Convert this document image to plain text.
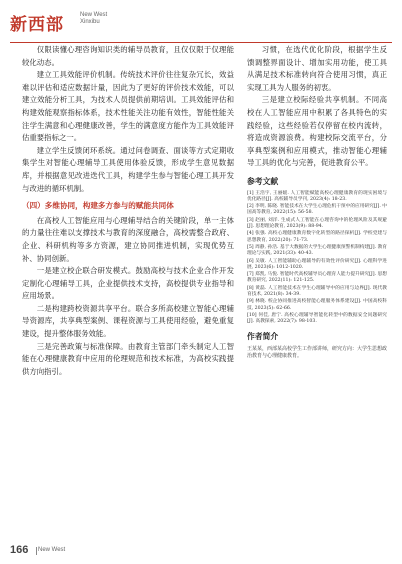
新西部	New West
Xinxibu

仅限读懂心理咨询知识类的辅导员教育，且仅仅限于仅理能较化动态。

建立工具效能评价机制。传统技术评价往往复杂冗长，效益难以评估和适应数据计量，因此为了更好的评价技术效能，可以建立效能分析工具，为技术人员提供前期培训。工具效能评估和构建效能观察指标体系，技术性能关注功能有效性，智能性能关注学生满意和心理健康改善，学生的满意度方能作为工具效能评估重要指标之一。

建立学生反馈闭环系统。通过问卷调查、面谈等方式定期收集学生对智能心理辅导工具使用体验反馈，形成学生意见数据库，并根据意见改进迭代工具，构建学生参与智能心理工具开发与改进的循环机制。

（四）多维协同，构建多方参与的赋能共同体

在高校人工智能应用与心理辅导结合的关键阶段，单一主体的力量往往难以支撑技术与教育的深度融合，高校需整合政府、企业、科研机构等多方资源，建立协同推进机制，实现优势互补、协同创新。

一是建立校企联合研发模式。鼓励高校与技术企业合作开发定制化心理辅导工具，企业提供技术支持，高校提供专业指导和应用场景。

二是构建跨校资源共享平台。联合多所高校建立智能心理辅导资源库，共享典型案例、课程资源与工具使用经验，避免重复建设，提升整体服务效能。

三是完善政策与标准保障。由教育主管部门牵头制定人工智能在心理健康教育中应用的伦理规范和技术标准，为高校实践提供方向指引。

习惯，在选代优化阶段，根据学生反馈调整界面设计、增加实用功能，使工具从满足技术标准转向符合使用习惯，真正实现工具为人服务的初衷。

三是建立校际经验共享机制。不同高校在人工智能应用中积累了各具特色的实践经验，这些经验若仅停留在校内流转，将造成资源浪费。构建校际交流平台，分享典型案例和应用模式，推动智能心理辅导工具的优化与完善，促进教育公平。

参考文献
[1] 王浩宇, 王丽媛. 人工智能赋能高校心理健康教育的现实困境与优化路径[J]. 高校辅导员学刊, 2023(4): 18-23.
[2] 李明, 陈晓. 智能技术在大学生心理危机干预中的应用研究[J]. 中国高等教育, 2022(15): 56-58.
[3] 赵丽, 刘洋. 生成式人工智能在心理咨询中的伦理风险及其规避[J]. 思想理论教育, 2023(9): 88-94.
[4] 张强. 高校心理健康教育数字化转型的路径探析[J]. 学校党建与思想教育, 2022(20): 71-73.
[5] 周静, 孙浩. 基于大数据的大学生心理健康预警机制构建[J]. 教育理论与实践, 2021(33): 40-43.
[6] 吴敏. 人工智能辅助心理辅导的有效性评价研究[J]. 心理科学进展, 2023(6): 1012-1020.
[7] 郑凯, 马悦. 智能时代高校辅导员心理育人能力提升研究[J]. 思想教育研究, 2022(11): 121-125.
[8] 黄磊. 人工智能技术在学生心理辅导中的应用与边界[J]. 现代教育技术, 2021(8): 34-39.
[9] 林晓. 校企协同推进高校智能心理服务体系建设[J]. 中国高校科技, 2023(5): 62-66.
[10] 何佳, 唐宁. 高校心理辅导智能化转型中的数据安全问题研究[J]. 高教探索, 2022(7): 98-103.
作者简介
王某某，西部某高校学生工作部讲师，研究方向：大学生思想政治教育与心理健康教育。
166 New West
